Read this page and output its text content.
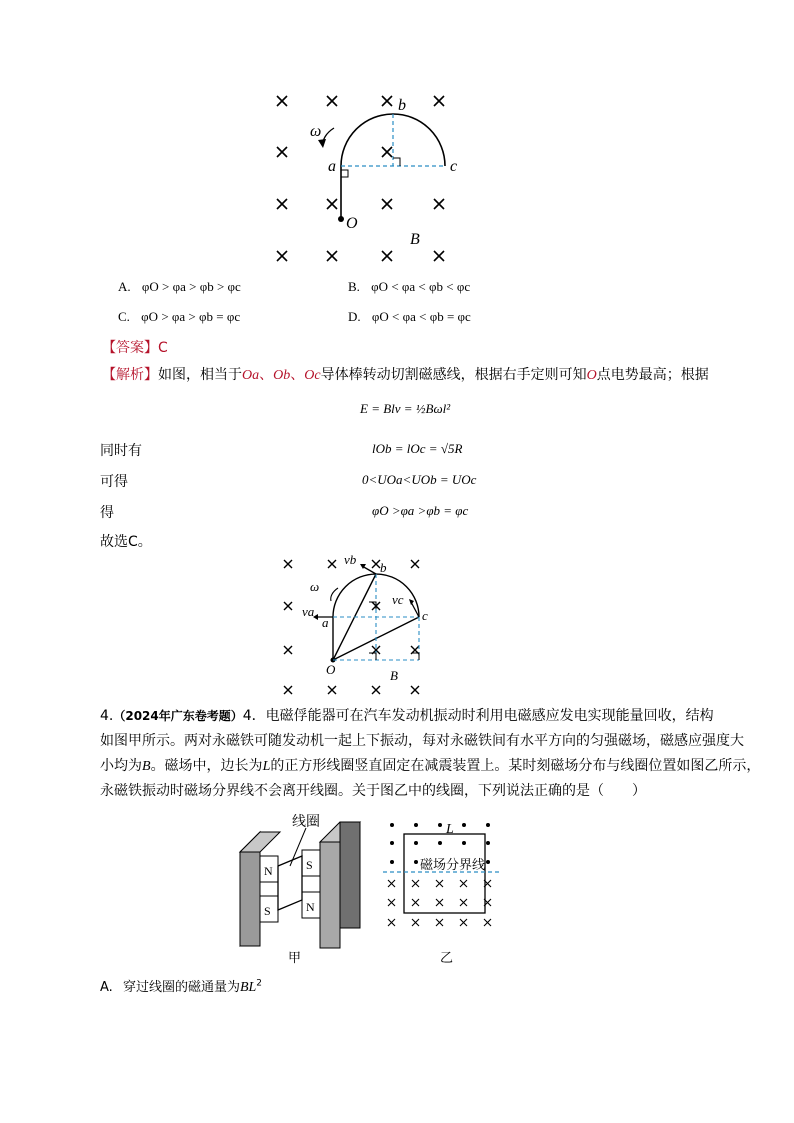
ω
a
b
c
O
B
A. φO > φa > φb > φc	B. φO < φa < φb < φc
C. φO > φa > φb = φc	D. φO < φa < φb = φc
【答案】C
【解析】如图，相当于Oa、Ob、Oc导体棒转动切割磁感线，根据右手定则可知O点电势最高；根据
E = Blv = ½Bωl²
同时有	lOb = lOc = √5R
可得	0<UOa<UOb = UOc
得	φO >φa >φb = φc
故选C。
vb
b
ω
vc
va
a	c
O	B
4.（2024年广东卷考题）4．电磁俘能器可在汽车发动机振动时利用电磁感应发电实现能量回收，结构
如图甲所示。两对永磁铁可随发动机一起上下振动，每对永磁铁间有水平方向的匀强磁场，磁感应强度大
小均为B。磁场中，边长为L的正方形线圈竖直固定在减震装置上。某时刻磁场分布与线圈位置如图乙所示，
永磁铁振动时磁场分界线不会离开线圈。关于图乙中的线圈，下列说法正确的是（　　）
线圈
N
S
S
N
甲
L
磁场分界线
乙
A. 穿过线圈的磁通量为$BL^2$
